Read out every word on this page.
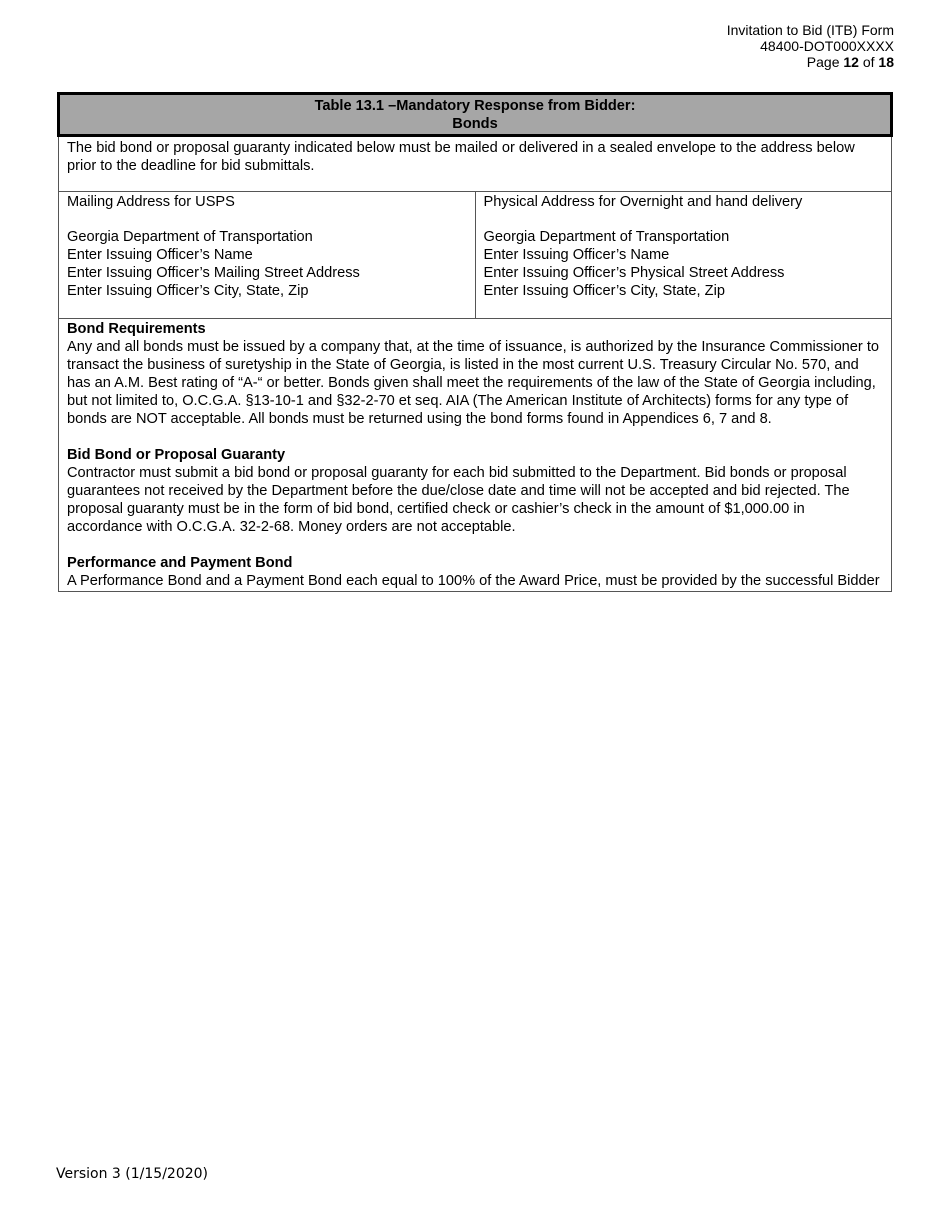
Invitation to Bid (ITB) Form
48400-DOT000XXXX
Page 12 of 18
Table 13.1 –Mandatory Response from Bidder:
Bonds

The bid bond or proposal guaranty indicated below must be mailed or delivered in a sealed envelope to the address below prior to the deadline for bid submittals.

Mailing Address for USPS
Georgia Department of Transportation
Enter Issuing Officer’s Name
Enter Issuing Officer’s Mailing Street Address
Enter Issuing Officer’s City, State, Zip

Physical Address for Overnight and hand delivery
Georgia Department of Transportation
Enter Issuing Officer’s Name
Enter Issuing Officer’s Physical Street Address
Enter Issuing Officer’s City, State, Zip

Bond Requirements
Any and all bonds must be issued by a company that, at the time of issuance, is authorized by the Insurance Commissioner to transact the business of suretyship in the State of Georgia, is listed in the most current U.S. Treasury Circular No. 570, and has an A.M. Best rating of “A-“ or better. Bonds given shall meet the requirements of the law of the State of Georgia including, but not limited to, O.C.G.A. §13-10-1 and §32-2-70 et seq. AIA (The American Institute of Architects) forms for any type of bonds are NOT acceptable. All bonds must be returned using the bond forms found in Appendices 6, 7 and 8.
Bid Bond or Proposal Guaranty
Contractor must submit a bid bond or proposal guaranty for each bid submitted to the Department. Bid bonds or proposal guarantees not received by the Department before the due/close date and time will not be accepted and bid rejected. The proposal guaranty must be in the form of bid bond, certified check or cashier’s check in the amount of $1,000.00 in accordance with O.C.G.A. 32-2-68. Money orders are not acceptable.
Performance and Payment Bond
A Performance Bond and a Payment Bond each equal to 100% of the Award Price, must be provided by the successful Bidder
Version 3 (1/15/2020)
